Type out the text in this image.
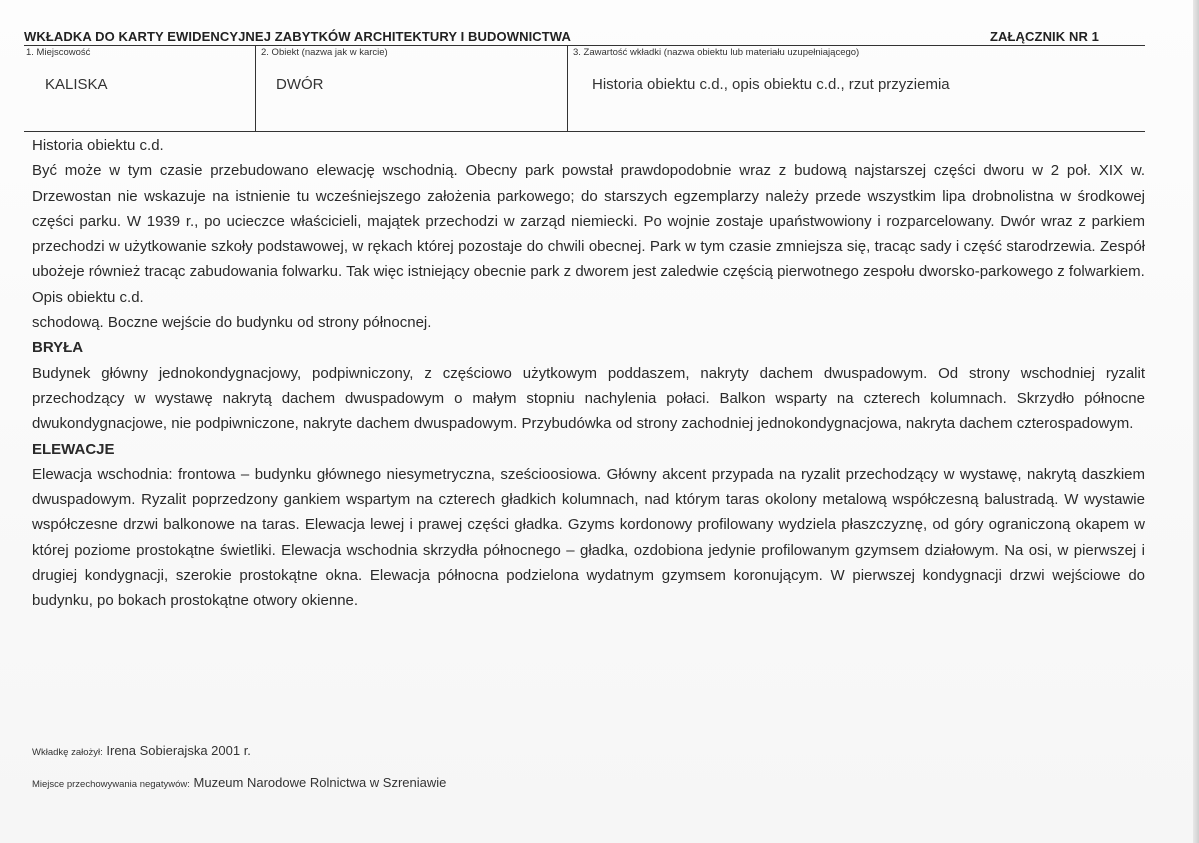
WKŁADKA DO KARTY EWIDENCYJNEJ ZABYTKÓW ARCHITEKTURY I BUDOWNICTWA	ZAŁĄCZNIK NR 1
1. Miejscowość
KALISKA
2. Obiekt (nazwa jak w karcie)
DWÓR
3. Zawartość wkładki (nazwa obiektu lub materiału uzupełniającego)
Historia obiektu c.d., opis obiektu c.d., rzut przyziemia

Historia obiektu c.d.

Być może w tym czasie przebudowano elewację wschodnią. Obecny park powstał prawdopodobnie wraz z budową najstarszej części dworu w 2 poł. XIX w. Drzewostan nie wskazuje na istnienie tu wcześniejszego założenia parkowego; do starszych egzemplarzy należy przede wszystkim lipa drobnolistna w środkowej części parku. W 1939 r., po ucieczce właścicieli, majątek przechodzi w zarząd niemiecki. Po wojnie zostaje upaństwowiony i rozparcelowany. Dwór wraz z parkiem przechodzi w użytkowanie szkoły podstawowej, w rękach której pozostaje do chwili obecnej. Park w tym czasie zmniejsza się, tracąc sady i część starodrzewia. Zespół ubożeje również tracąc zabudowania folwarku. Tak więc istniejący obecnie park z dworem jest zaledwie częścią pierwotnego zespołu dworsko-parkowego z folwarkiem.

Opis obiektu c.d.

schodową. Boczne wejście do budynku od strony północnej.

BRYŁA

Budynek główny jednokondygnacjowy, podpiwniczony, z częściowo użytkowym poddaszem, nakryty dachem dwuspadowym. Od strony wschodniej ryzalit przechodzący w wystawę nakrytą dachem dwuspadowym o małym stopniu nachylenia połaci. Balkon wsparty na czterech kolumnach. Skrzydło północne dwukondygnacjowe, nie podpiwniczone, nakryte dachem dwuspadowym. Przybudówka od strony zachodniej jednokondygnacjowa, nakryta dachem czterospadowym.

ELEWACJE

Elewacja wschodnia: frontowa – budynku głównego niesymetryczna, sześcioosiowa. Główny akcent przypada na ryzalit przechodzący w wystawę, nakrytą daszkiem dwuspadowym. Ryzalit poprzedzony gankiem wspartym na czterech gładkich kolumnach, nad którym taras okolony metalową współczesną balustradą. W wystawie współczesne drzwi balkonowe na taras. Elewacja lewej i prawej części gładka. Gzyms kordonowy profilowany wydziela płaszczyznę, od góry ograniczoną okapem w której poziome prostokątne świetliki. Elewacja wschodnia skrzydła północnego – gładka, ozdobiona jedynie profilowanym gzymsem działowym. Na osi, w pierwszej i drugiej kondygnacji, szerokie prostokątne okna. Elewacja północna podzielona wydatnym gzymsem koronującym. W pierwszej kondygnacji drzwi wejściowe do budynku, po bokach prostokątne otwory okienne.

Wkładkę założył: Irena Sobierajska 2001 r.
Miejsce przechowywania negatywów: Muzeum Narodowe Rolnictwa w Szreniawie
